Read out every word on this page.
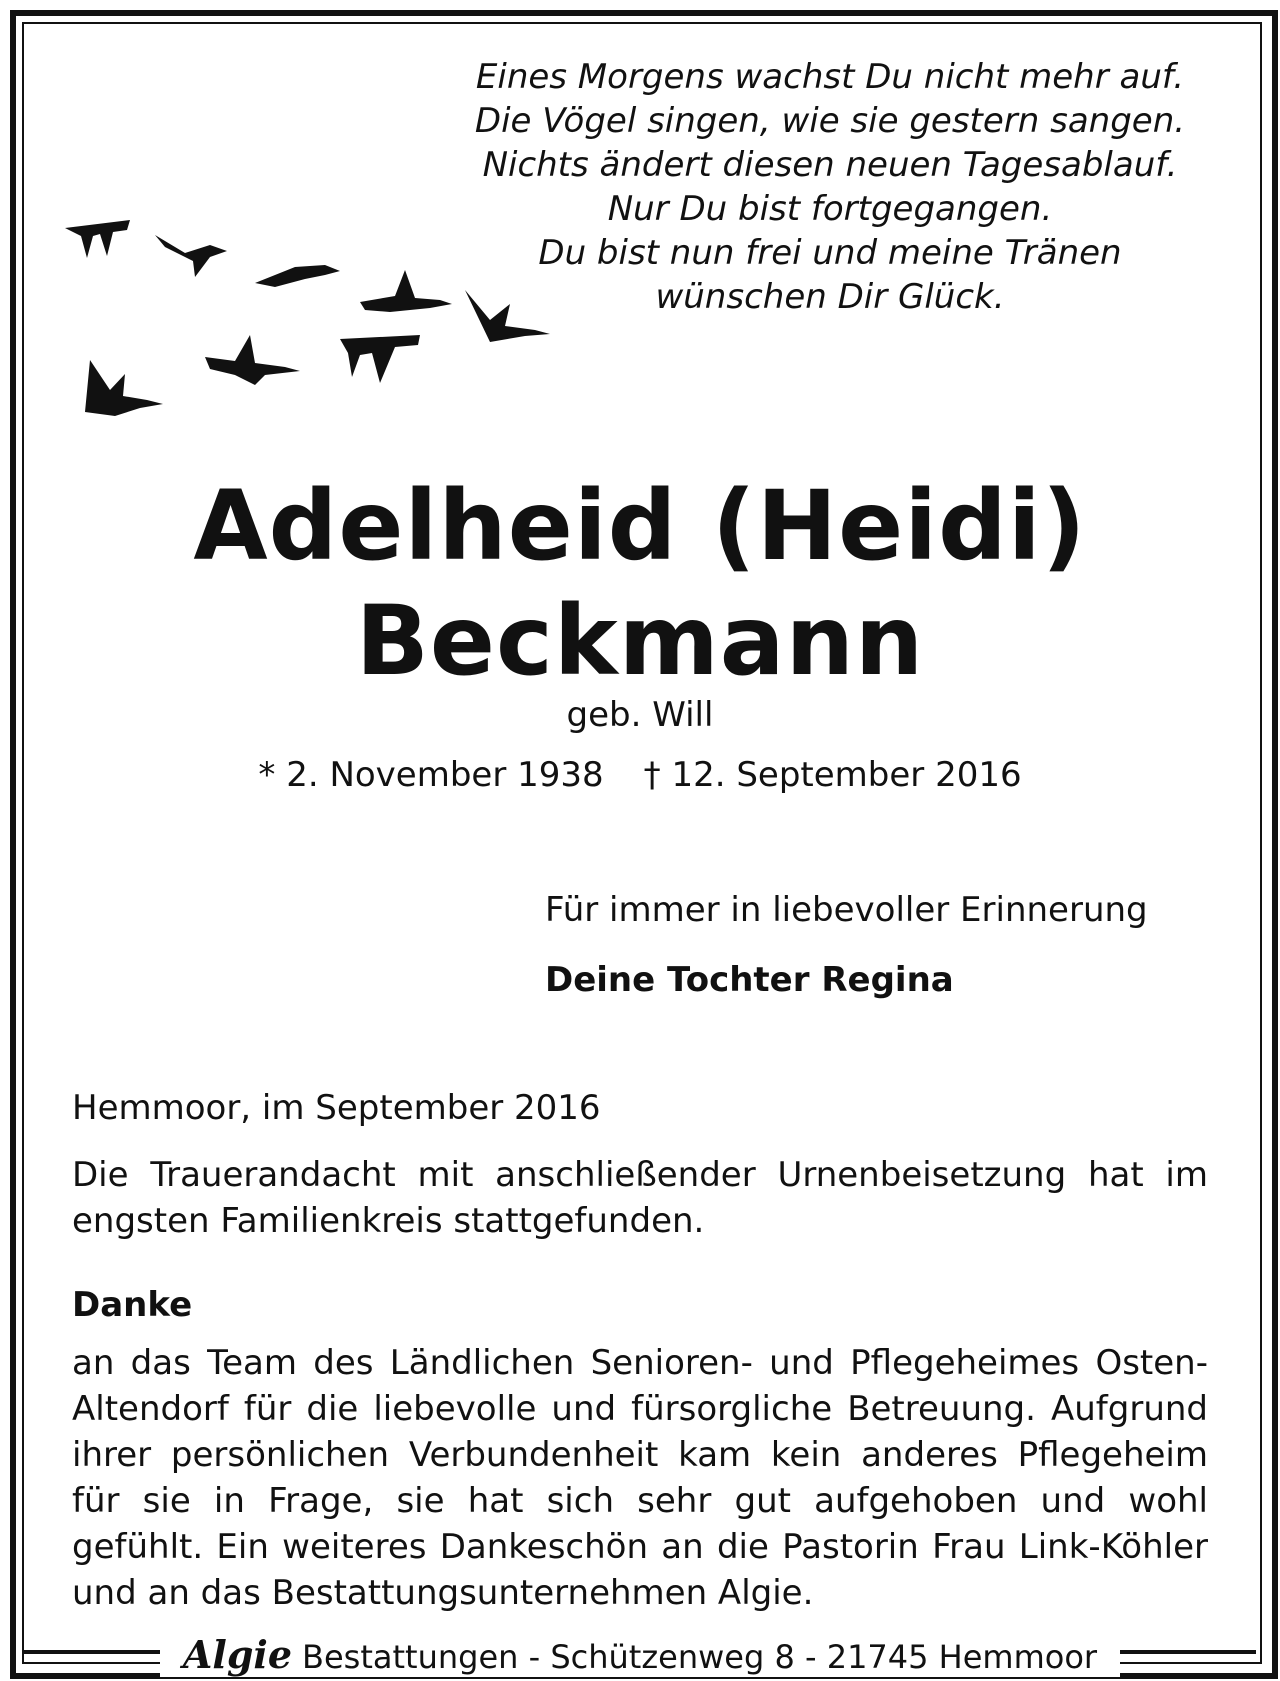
Eines Morgens wachst Du nicht mehr auf.
Die Vögel singen, wie sie gestern sangen.
Nichts ändert diesen neuen Tagesablauf.
Nur Du bist fortgegangen.
Du bist nun frei und meine Tränen
wünschen Dir Glück.
Adelheid (Heidi)
Beckmann
geb. Will
* 2. November 1938 † 12. September 2016
Für immer in liebevoller Erinnerung
Deine Tochter Regina
Hemmoor, im September 2016
Die Trauerandacht mit anschließender Urnenbeisetzung hat im engsten Familienkreis stattgefunden.
Danke
an das Team des Ländlichen Senioren- und Pflegeheimes Osten-Altendorf für die liebevolle und fürsorgliche Betreuung. Aufgrund ihrer persönlichen Verbundenheit kam kein anderes Pflegeheim für sie in Frage, sie hat sich sehr gut aufgehoben und wohl gefühlt. Ein weiteres Dankeschön an die Pastorin Frau Link-Köhler und an das Bestattungsunternehmen Algie.
Algie Bestattungen - Schützenweg 8 - 21745 Hemmoor
